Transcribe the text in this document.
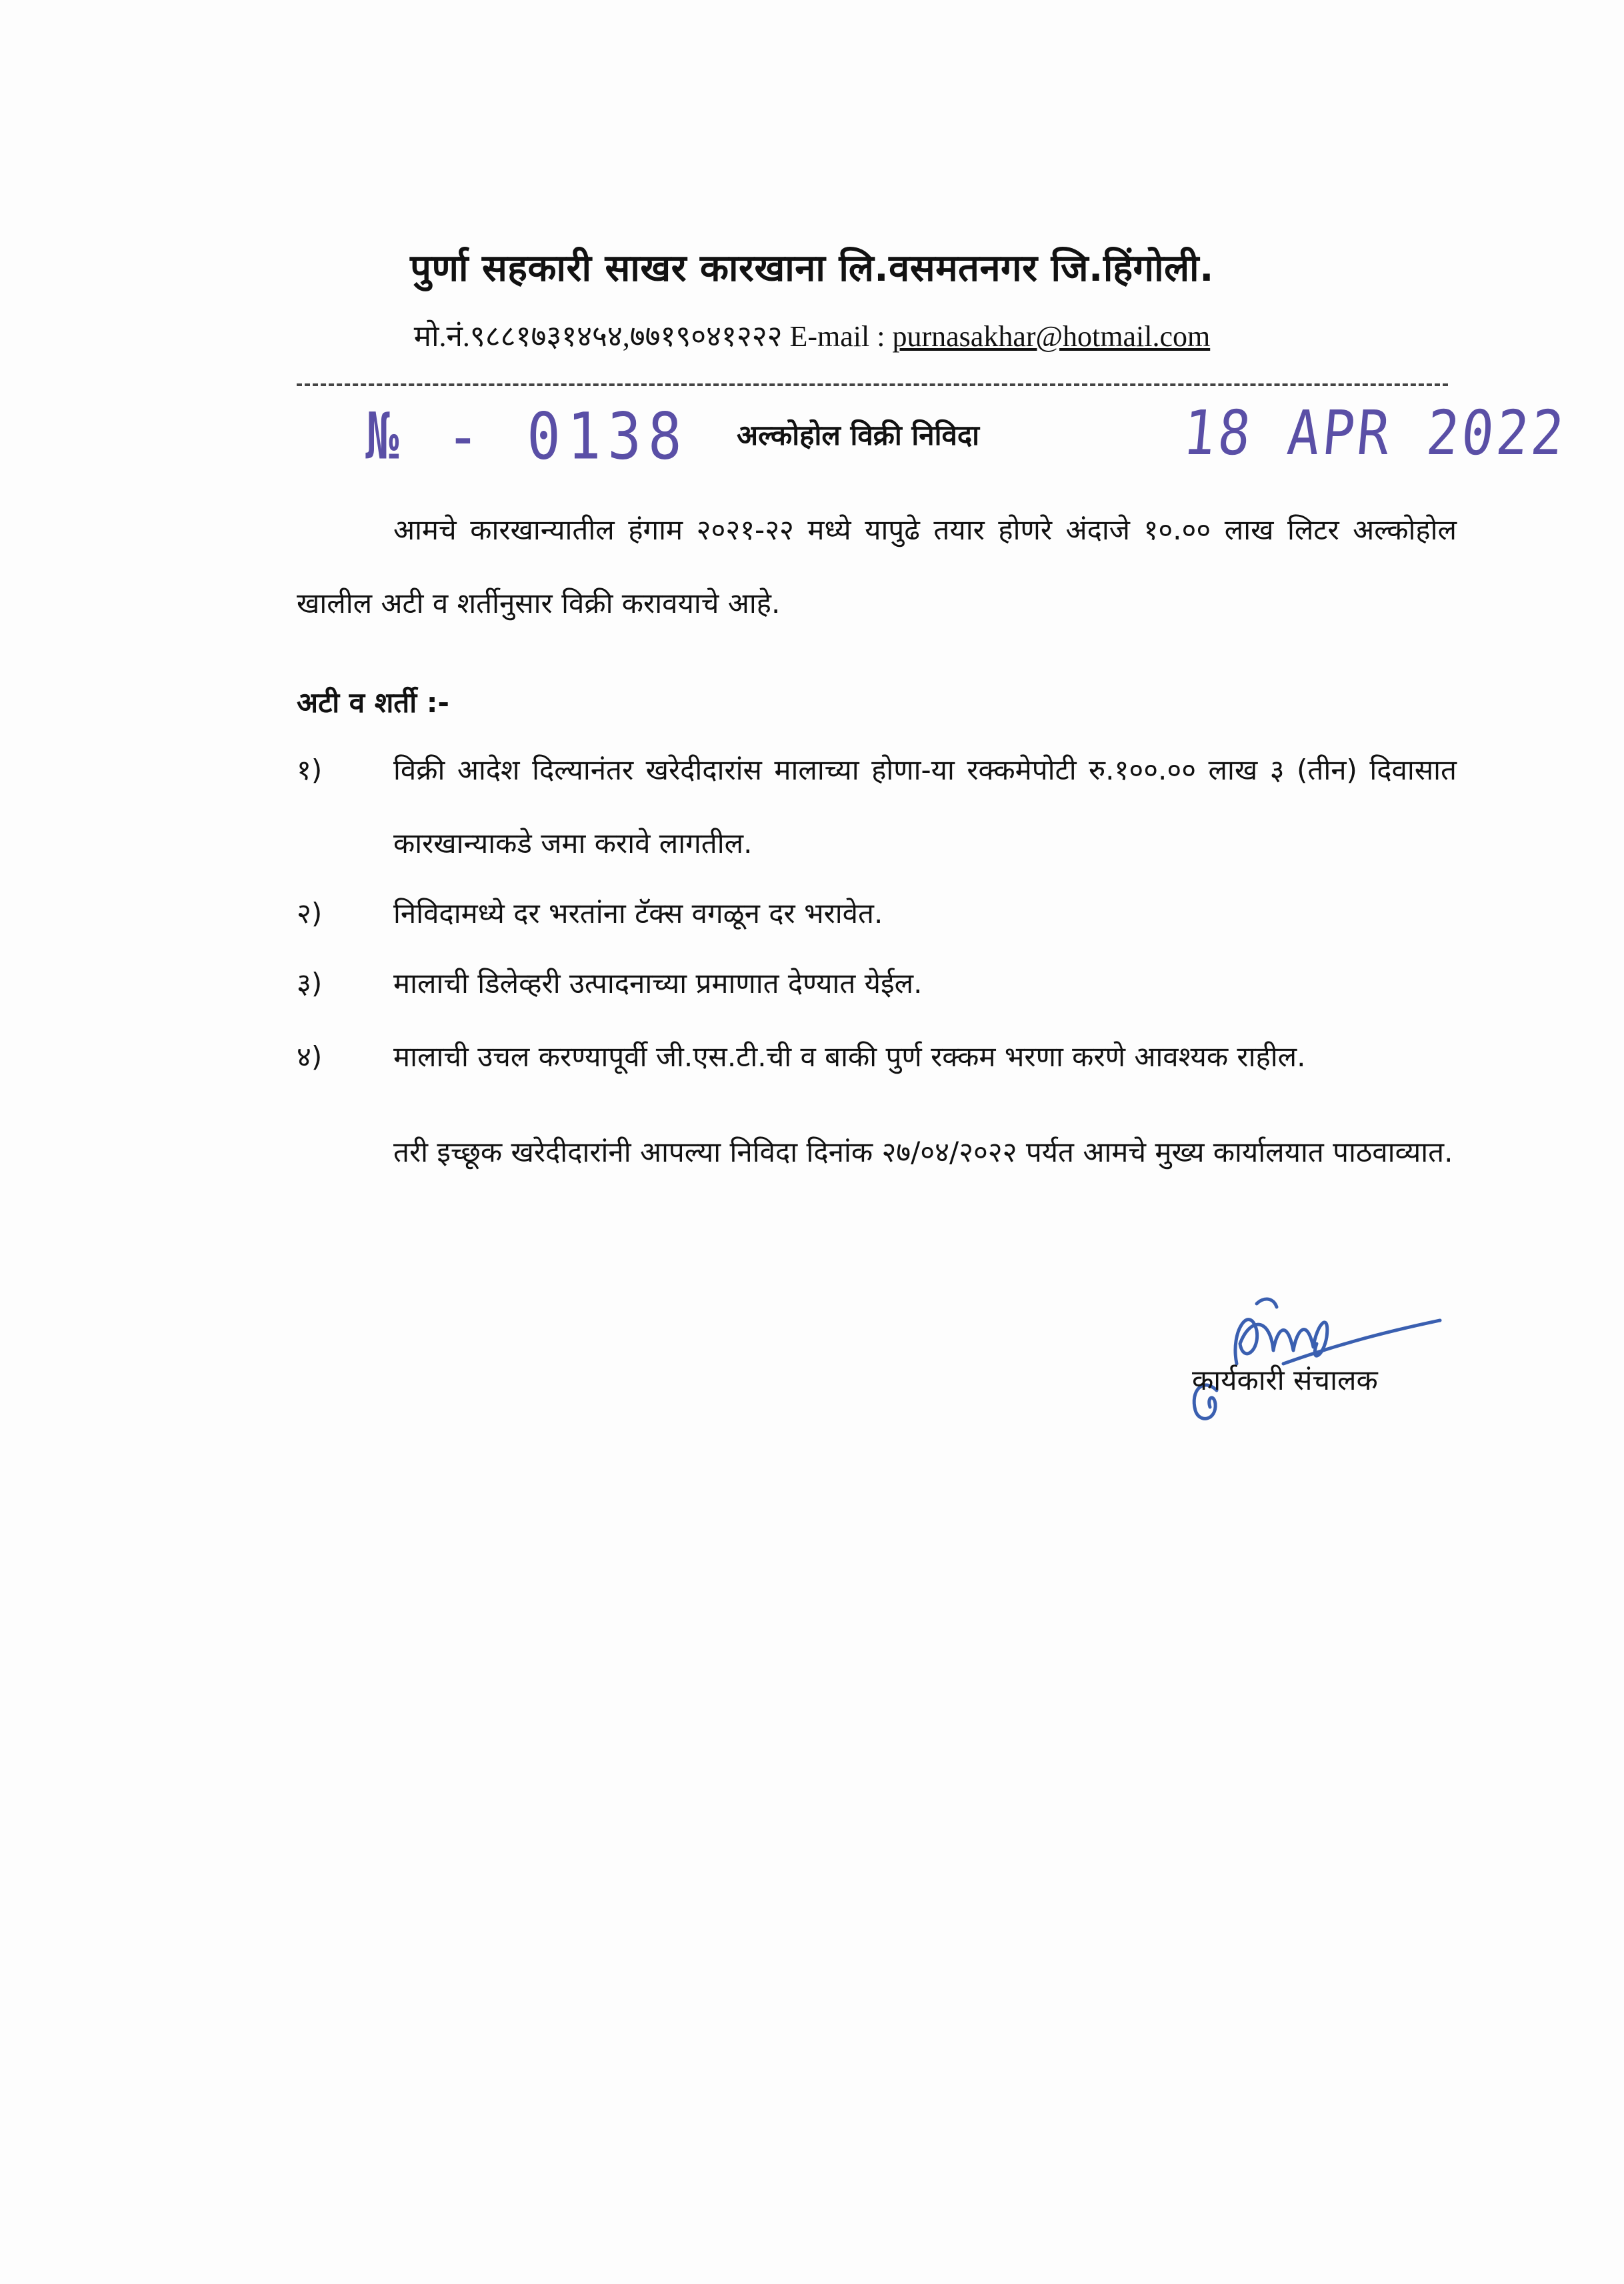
पुर्णा सहकारी साखर कारखाना लि.वसमतनगर जि.हिंगोली.
मो.नं.९८८१७३१४५४,७७१९०४१२२२ E-mail : purnasakhar@hotmail.com
№ - 0138 अल्कोहोल विक्री निविदा	18 APR 2022
आमचे कारखान्यातील हंगाम २०२१-२२ मध्ये यापुढे तयार होणरे अंदाजे १०.०० लाख लिटर अल्कोहोल खालील अटी व शर्तीनुसार विक्री करावयाचे आहे.
अटी व शर्ती :-
१)	विक्री आदेश दिल्यानंतर खरेदीदारांस मालाच्या होणा-या रक्कमेपोटी रु.१००.०० लाख ३ (तीन) दिवासात कारखान्याकडे जमा करावे लागतील.
२)	निविदामध्ये दर भरतांना टॅक्स वगळून दर भरावेत.
३)	मालाची डिलेव्हरी उत्पादनाच्या प्रमाणात देण्यात येईल.
४)	मालाची उचल करण्यापूर्वी जी.एस.टी.ची व बाकी पुर्ण रक्कम भरणा करणे आवश्यक राहील.
तरी इच्छूक खरेदीदारांनी आपल्या निविदा दिनांक २७/०४/२०२२ पर्यत आमचे मुख्य कार्यालयात पाठवाव्यात.
कार्यकारी संचालक
